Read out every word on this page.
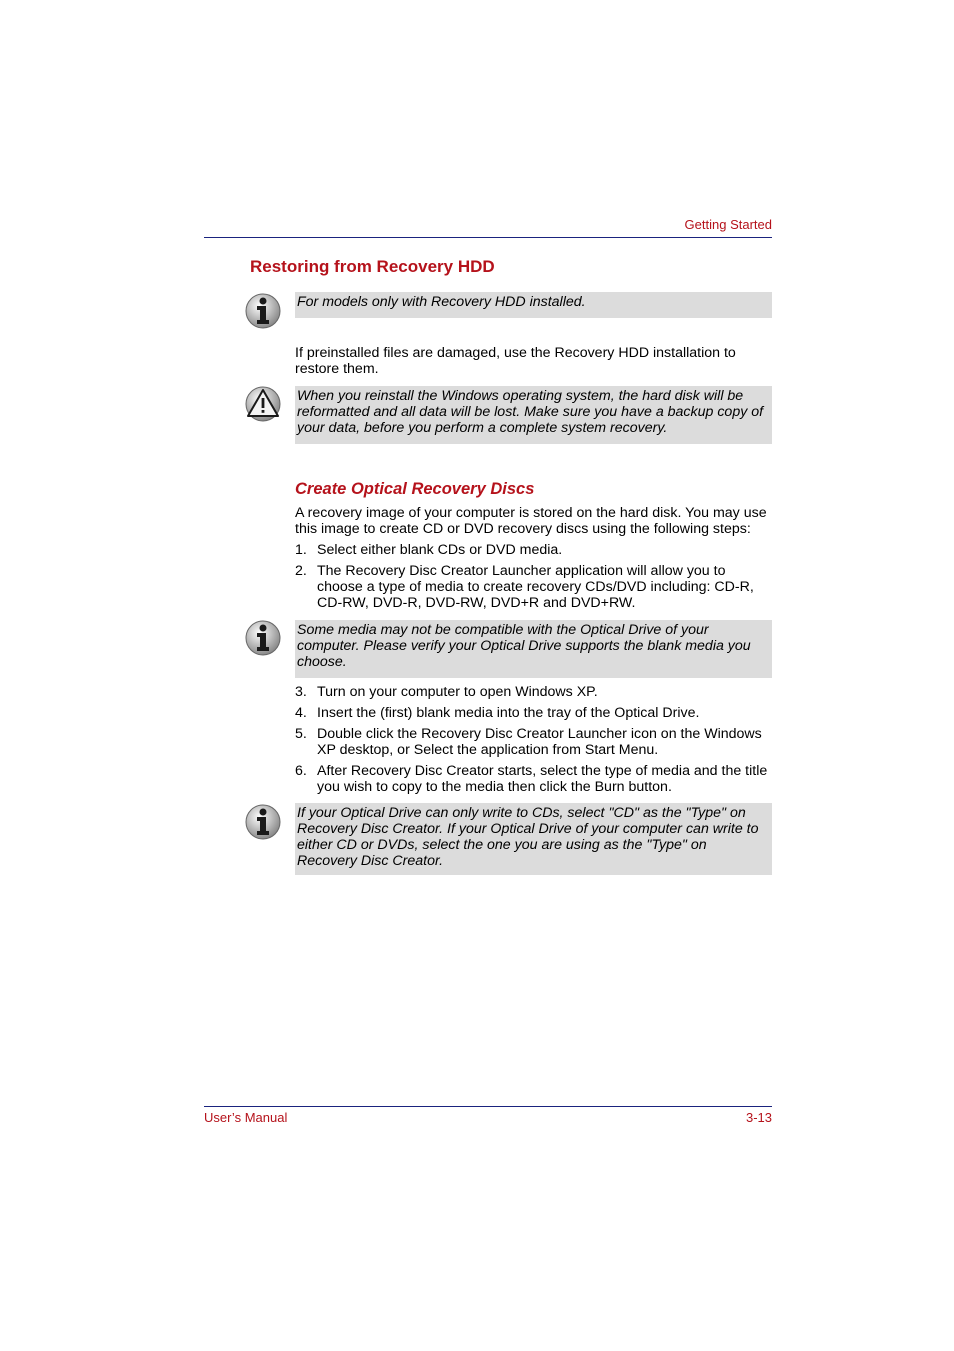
Getting Started
Restoring from Recovery HDD
For models only with Recovery HDD installed.
If preinstalled files are damaged, use the Recovery HDD installation to restore them.
When you reinstall the Windows operating system, the hard disk will be reformatted and all data will be lost. Make sure you have a backup copy of your data, before you perform a complete system recovery.
Create Optical Recovery Discs
A recovery image of your computer is stored on the hard disk. You may use this image to create CD or DVD recovery discs using the following steps:
1. Select either blank CDs or DVD media.
2. The Recovery Disc Creator Launcher application will allow you to choose a type of media to create recovery CDs/DVD including: CD-R, CD-RW, DVD-R, DVD-RW, DVD+R and DVD+RW.
Some media may not be compatible with the Optical Drive of your computer. Please verify your Optical Drive supports the blank media you choose.
3. Turn on your computer to open Windows XP.
4. Insert the (first) blank media into the tray of the Optical Drive.
5. Double click the Recovery Disc Creator Launcher icon on the Windows XP desktop, or Select the application from Start Menu.
6. After Recovery Disc Creator starts, select the type of media and the title you wish to copy to the media then click the Burn button.
If your Optical Drive can only write to CDs, select "CD" as the "Type" on Recovery Disc Creator. If your Optical Drive of your computer can write to either CD or DVDs, select the one you are using as the "Type" on Recovery Disc Creator.
User’s Manual	3-13
